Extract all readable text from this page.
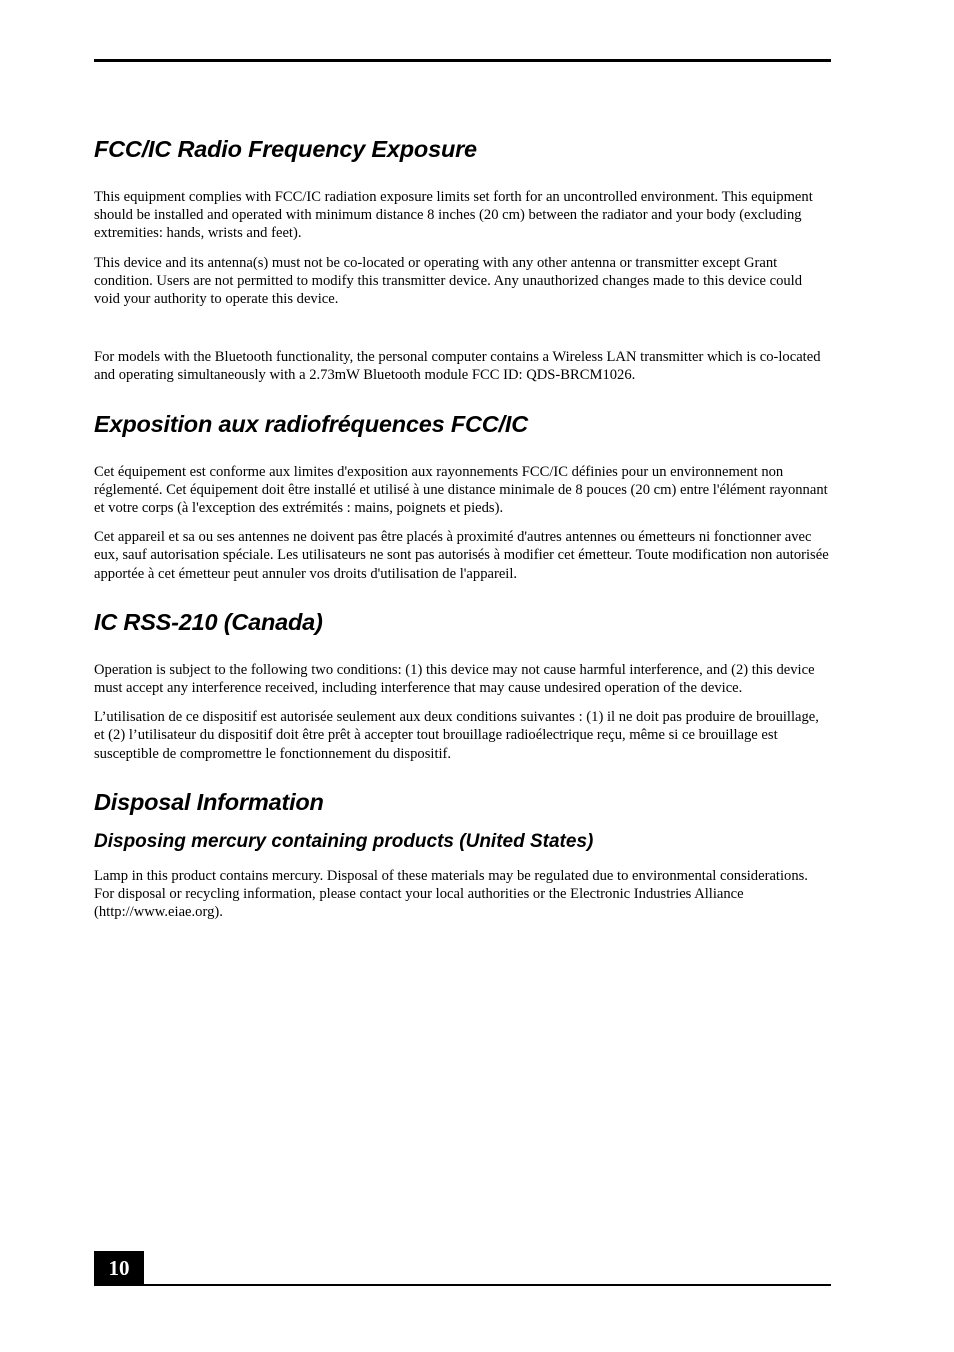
FCC/IC Radio Frequency Exposure

This equipment complies with FCC/IC radiation exposure limits set forth for an uncontrolled environment. This equipment should be installed and operated with minimum distance 8 inches (20 cm) between the radiator and your body (excluding extremities: hands, wrists and feet).

This device and its antenna(s) must not be co-located or operating with any other antenna or transmitter except Grant condition. Users are not permitted to modify this transmitter device. Any unauthorized changes made to this device could void your authority to operate this device.

For models with the Bluetooth functionality, the personal computer contains a Wireless LAN transmitter which is co-located and operating simultaneously with a 2.73mW Bluetooth module FCC ID: QDS-BRCM1026.

Exposition aux radiofréquences FCC/IC

Cet équipement est conforme aux limites d'exposition aux rayonnements FCC/IC définies pour un environnement non réglementé. Cet équipement doit être installé et utilisé à une distance minimale de 8 pouces (20 cm) entre l'élément rayonnant et votre corps (à l'exception des extrémités : mains, poignets et pieds).

Cet appareil et sa ou ses antennes ne doivent pas être placés à proximité d'autres antennes ou émetteurs ni fonctionner avec eux, sauf autorisation spéciale. Les utilisateurs ne sont pas autorisés à modifier cet émetteur. Toute modification non autorisée apportée à cet émetteur peut annuler vos droits d'utilisation de l'appareil.

IC RSS-210 (Canada)

Operation is subject to the following two conditions: (1) this device may not cause harmful interference, and (2) this device must accept any interference received, including interference that may cause undesired operation of the device.

L’utilisation de ce dispositif est autorisée seulement aux deux conditions suivantes : (1) il ne doit pas produire de brouillage, et (2) l’utilisateur du dispositif doit être prêt à accepter tout brouillage radioélectrique reçu, même si ce brouillage est susceptible de compromettre le fonctionnement du dispositif.

Disposal Information
Disposing mercury containing products (United States)

Lamp in this product contains mercury. Disposal of these materials may be regulated due to environmental considerations.

For disposal or recycling information, please contact your local authorities or the Electronic Industries Alliance (http://www.eiae.org).

10
